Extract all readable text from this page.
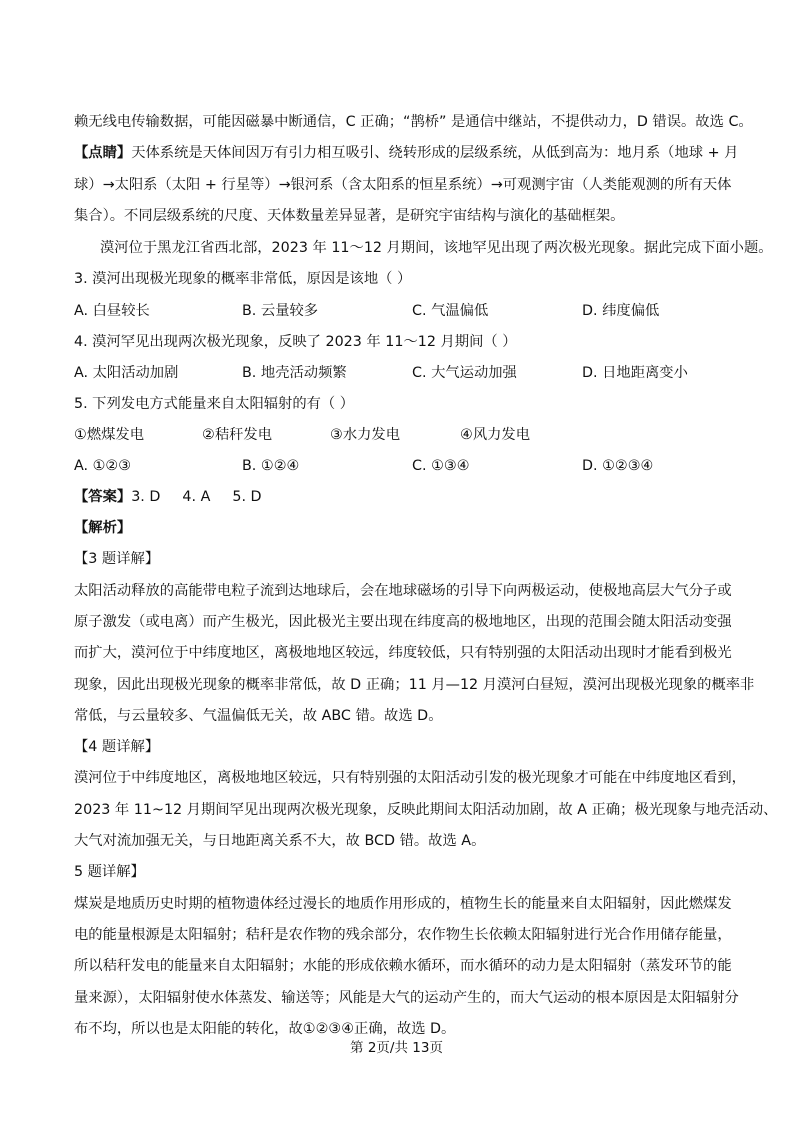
赖无线电传输数据，可能因磁暴中断通信，C 正确；“鹊桥” 是通信中继站，不提供动力，D 错误。故选 C。
【点睛】天体系统是天体间因万有引力相互吸引、绕转形成的层级系统，从低到高为：地月系（地球 + 月
球）→太阳系（太阳 + 行星等）→银河系（含太阳系的恒星系统）→可观测宇宙（人类能观测的所有天体
集合）。不同层级系统的尺度、天体数量差异显著，是研究宇宙结构与演化的基础框架。
漠河位于黑龙江省西北部，2023 年 11～12 月期间，该地罕见出现了两次极光现象。据此完成下面小题。
3. 漠河出现极光现象的概率非常低，原因是该地（ ）
A. 白昼较长	B. 云量较多	C. 气温偏低	D. 纬度偏低
4. 漠河罕见出现两次极光现象，反映了 2023 年 11～12 月期间（ ）
A. 太阳活动加剧	B. 地壳活动频繁	C. 大气运动加强	D. 日地距离变小
5. 下列发电方式能量来自太阳辐射的有（ ）
①燃煤发电	②秸秆发电	③水力发电	④风力发电
A. ①②③	B. ①②④	C. ①③④	D. ①②③④
【答案】3. D 4. A 5. D
【解析】
【3 题详解】
太阳活动释放的高能带电粒子流到达地球后，会在地球磁场的引导下向两极运动，使极地高层大气分子或
原子激发（或电离）而产生极光，因此极光主要出现在纬度高的极地地区，出现的范围会随太阳活动变强
而扩大，漠河位于中纬度地区，离极地地区较远，纬度较低，只有特别强的太阳活动出现时才能看到极光
现象，因此出现极光现象的概率非常低，故 D 正确；11 月—12 月漠河白昼短，漠河出现极光现象的概率非
常低，与云量较多、气温偏低无关，故 ABC 错。故选 D。
【4 题详解】
漠河位于中纬度地区，离极地地区较远，只有特别强的太阳活动引发的极光现象才可能在中纬度地区看到，
2023 年 11~12 月期间罕见出现两次极光现象，反映此期间太阳活动加剧，故 A 正确；极光现象与地壳活动、
大气对流加强无关，与日地距离关系不大，故 BCD 错。故选 A。
5 题详解】
煤炭是地质历史时期的植物遗体经过漫长的地质作用形成的，植物生长的能量来自太阳辐射，因此燃煤发
电的能量根源是太阳辐射；秸秆是农作物的残余部分，农作物生长依赖太阳辐射进行光合作用储存能量，
所以秸秆发电的能量来自太阳辐射；水能的形成依赖水循环，而水循环的动力是太阳辐射（蒸发环节的能
量来源），太阳辐射使水体蒸发、输送等；风能是大气的运动产生的，而大气运动的根本原因是太阳辐射分
布不均，所以也是太阳能的转化，故①②③④正确，故选 D。
第 2页/共 13页
